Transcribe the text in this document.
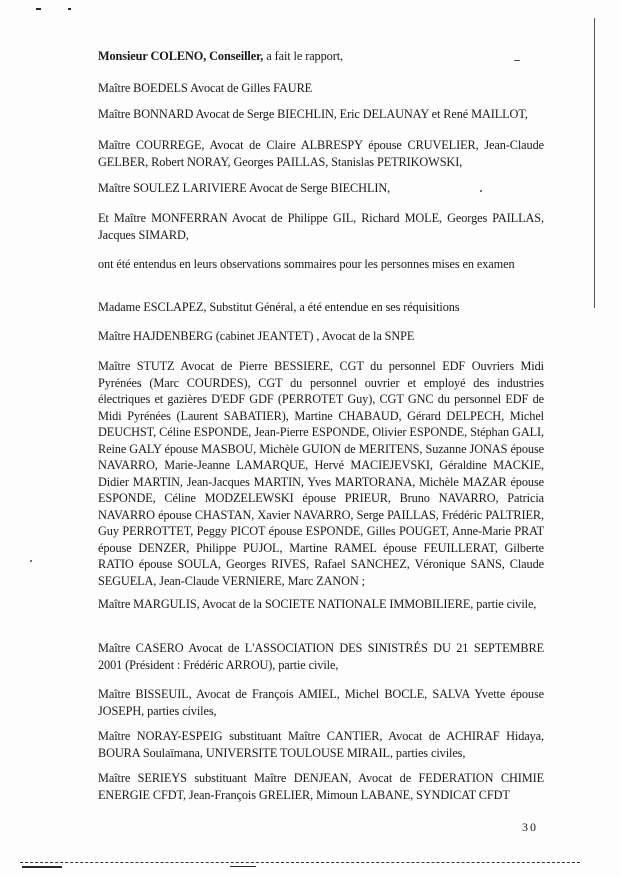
Monsieur COLENO, Conseiller, a fait le rapport,

Maître BOEDELS Avocat de Gilles FAURE

Maître BONNARD Avocat de Serge BIECHLIN, Eric DELAUNAY et René MAILLOT,

Maître COURREGE, Avocat de Claire ALBRESPY épouse CRUVELIER, Jean-Claude GELBER, Robert NORAY, Georges PAILLAS, Stanislas PETRIKOWSKI,

Maître SOULEZ LARIVIERE Avocat de Serge BIECHLIN,

Et Maître MONFERRAN Avocat de Philippe GIL, Richard MOLE, Georges PAILLAS, Jacques SIMARD,

ont été entendus en leurs observations sommaires pour les personnes mises en examen

Madame ESCLAPEZ, Substitut Général, a été entendue en ses réquisitions

Maître HAJDENBERG (cabinet JEANTET) , Avocat de la SNPE

Maître STUTZ Avocat de Pierre BESSIERE, CGT du personnel EDF Ouvriers Midi Pyrénées (Marc COURDES), CGT du personnel ouvrier et employé des industries électriques et gazières D'EDF GDF (PERROTET Guy), CGT GNC du personnel EDF de Midi Pyrénées (Laurent SABATIER), Martine CHABAUD, Gérard DELPECH, Michel DEUCHST, Céline ESPONDE, Jean-Pierre ESPONDE, Olivier ESPONDE, Stéphan GALI, Reine GALY épouse MASBOU, Michèle GUION de MERITENS, Suzanne JONAS épouse NAVARRO, Marie-Jeanne LAMARQUE, Hervé MACIEJEVSKI, Géraldine MACKIE, Didier MARTIN, Jean-Jacques MARTIN, Yves MARTORANA, Michèle MAZAR épouse ESPONDE, Céline MODZELEWSKI épouse PRIEUR, Bruno NAVARRO, Patricia NAVARRO épouse CHASTAN, Xavier NAVARRO, Serge PAILLAS, Frédéric PALTRIER, Guy PERROTTET, Peggy PICOT épouse ESPONDE, Gilles POUGET, Anne-Marie PRAT épouse DENZER, Philippe PUJOL, Martine RAMEL épouse FEUILLERAT, Gilberte RATIO épouse SOULA, Georges RIVES, Rafael SANCHEZ, Véronique SANS, Claude SEGUELA, Jean-Claude VERNIERE, Marc ZANON ;

Maître MARGULIS, Avocat de la SOCIETE NATIONALE IMMOBILIERE, partie civile,

Maître CASERO Avocat de L'ASSOCIATION DES SINISTRÉS DU 21 SEPTEMBRE 2001 (Président : Frédéric ARROU), partie civile,

Maître BISSEUIL, Avocat de François AMIEL, Michel BOCLE, SALVA Yvette épouse JOSEPH, parties civiles,

Maître NORAY-ESPEIG substituant Maître CANTIER, Avocat de ACHIRAF Hidaya, BOURA Soulaïmana, UNIVERSITE TOULOUSE MIRAIL, parties civiles,

Maître SERIEYS substituant Maître DENJEAN, Avocat de FEDERATION CHIMIE ENERGIE CFDT, Jean-François GRELIER, Mimoun LABANE, SYNDICAT CFDT

30
